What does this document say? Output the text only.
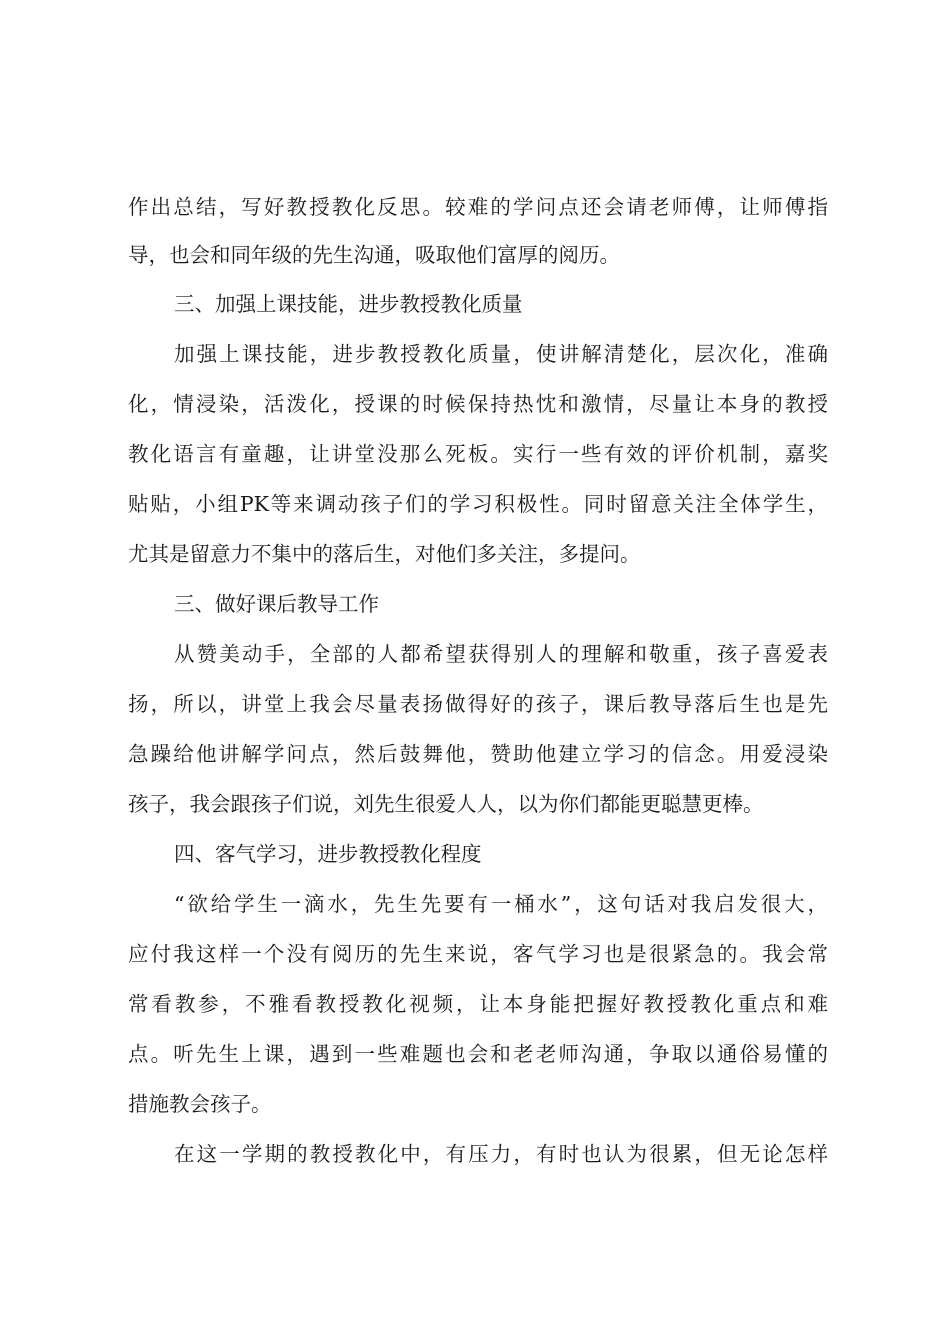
作出总结，写好教授教化反思。较难的学问点还会请老师傅，让师傅指
导，也会和同年级的先生沟通，吸取他们富厚的阅历。
三、加强上课技能，进步教授教化质量
加强上课技能，进步教授教化质量，使讲解清楚化，层次化，准确
化，情浸染，活泼化，授课的时候保持热忱和激情，尽量让本身的教授
教化语言有童趣，让讲堂没那么死板。实行一些有效的评价机制，嘉奖
贴贴，小组PK等来调动孩子们的学习积极性。同时留意关注全体学生，
尤其是留意力不集中的落后生，对他们多关注，多提问。
三、做好课后教导工作
从赞美动手，全部的人都希望获得别人的理解和敬重，孩子喜爱表
扬，所以，讲堂上我会尽量表扬做得好的孩子，课后教导落后生也是先
急躁给他讲解学问点，然后鼓舞他，赞助他建立学习的信念。用爱浸染
孩子，我会跟孩子们说，刘先生很爱人人，以为你们都能更聪慧更棒。
四、客气学习，进步教授教化程度
“欲给学生一滴水，先生先要有一桶水”，这句话对我启发很大，
应付我这样一个没有阅历的先生来说，客气学习也是很紧急的。我会常
常看教参，不雅看教授教化视频，让本身能把握好教授教化重点和难
点。听先生上课，遇到一些难题也会和老老师沟通，争取以通俗易懂的
措施教会孩子。
在这一学期的教授教化中，有压力，有时也认为很累，但无论怎样
